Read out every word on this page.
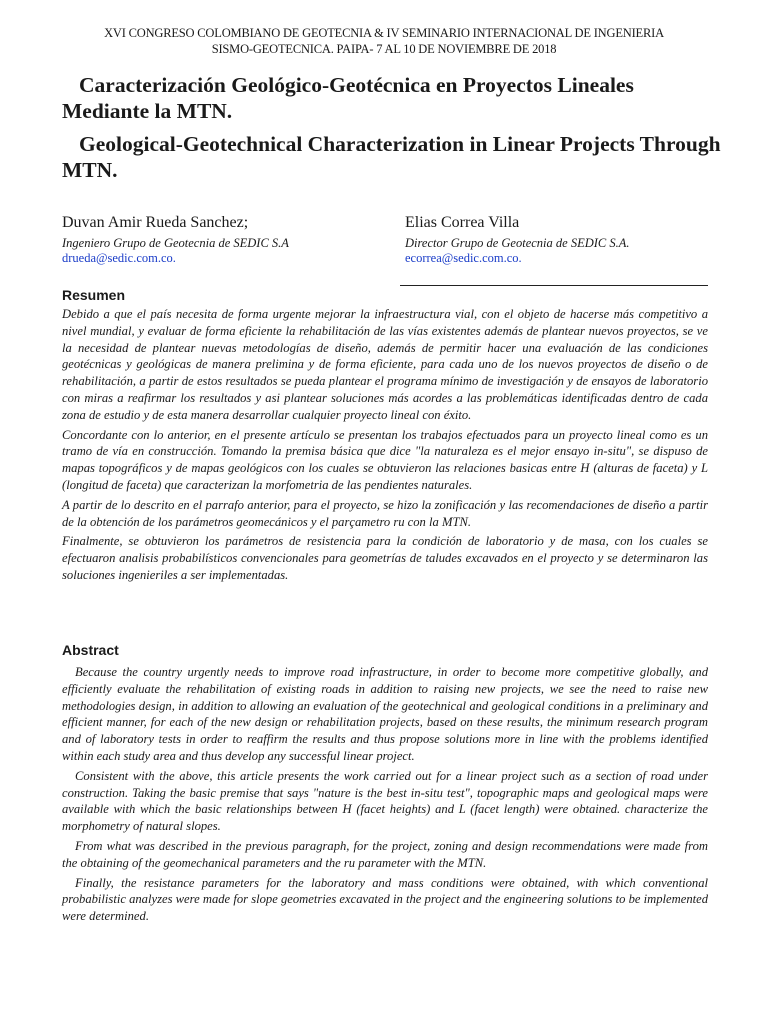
XVI CONGRESO COLOMBIANO DE GEOTECNIA & IV SEMINARIO INTERNACIONAL DE INGENIERIA
SISMO-GEOTECNICA. PAIPA- 7 AL 10 DE NOVIEMBRE DE 2018
Caracterización Geológico-Geotécnica en Proyectos Lineales Mediante la MTN.
Geological-Geotechnical Characterization in Linear Projects Through MTN.
Duvan Amir Rueda Sanchez;
Ingeniero Grupo de Geotecnia de SEDIC S.A
drueda@sedic.com.co.
Elias Correa Villa
Director Grupo de Geotecnia de SEDIC S.A.
ecorrea@sedic.com.co.
Resumen

Debido a que el país necesita de forma urgente mejorar la infraestructura vial, con el objeto de hacerse más competitivo a nivel mundial, y evaluar de forma eficiente la rehabilitación de las vías existentes además de plantear nuevos proyectos, se ve la necesidad de plantear nuevas metodologías de diseño, además de permitir hacer una evaluación de las condiciones geotécnicas y geológicas de manera prelimina y de forma eficiente, para cada uno de los nuevos proyectos de diseño o de rehabilitación, a partir de estos resultados se pueda plantear el programa mínimo de investigación y de ensayos de laboratorio con miras a reafirmar los resultados y asi plantear soluciones más acordes a las problemáticas identificadas dentro de cada zona de estudio y de esta manera desarrollar cualquier proyecto lineal con éxito.

Concordante con lo anterior, en el presente artículo se presentan los trabajos efectuados para un proyecto lineal como es un tramo de vía en construcción. Tomando la premisa básica que dice "la naturaleza es el mejor ensayo in-situ", se dispuso de mapas topográficos y de mapas geológicos con los cuales se obtuvieron las relaciones basicas entre H (alturas de faceta) y L (longitud de faceta) que caracterizan la morfometria de las pendientes naturales.

A partir de lo descrito en el parrafo anterior, para el proyecto, se hizo la zonificación y las recomendaciones de diseño a partir de la obtención de los parámetros geomecánicos y el parçametro ru con la MTN.

Finalmente, se obtuvieron los parámetros de resistencia para la condición de laboratorio y de masa, con los cuales se efectuaron analisis probabilísticos convencionales para geometrías de taludes excavados en el proyecto y se determinaron las soluciones ingenieriles a ser implementadas.

Abstract

Because the country urgently needs to improve road infrastructure, in order to become more competitive globally, and efficiently evaluate the rehabilitation of existing roads in addition to raising new projects, we see the need to raise new methodologies design, in addition to allowing an evaluation of the geotechnical and geological conditions in a preliminary and efficient manner, for each of the new design or rehabilitation projects, based on these results, the minimum research program and of laboratory tests in order to reaffirm the results and thus propose solutions more in line with the problems identified within each study area and thus develop any successful linear project.

Consistent with the above, this article presents the work carried out for a linear project such as a section of road under construction. Taking the basic premise that says "nature is the best in-situ test", topographic maps and geological maps were available with which the basic relationships between H (facet heights) and L (facet length) were obtained. characterize the morphometry of natural slopes.

From what was described in the previous paragraph, for the project, zoning and design recommendations were made from the obtaining of the geomechanical parameters and the ru parameter with the MTN.

Finally, the resistance parameters for the laboratory and mass conditions were obtained, with which conventional probabilistic analyzes were made for slope geometries excavated in the project and the engineering solutions to be implemented were determined.
